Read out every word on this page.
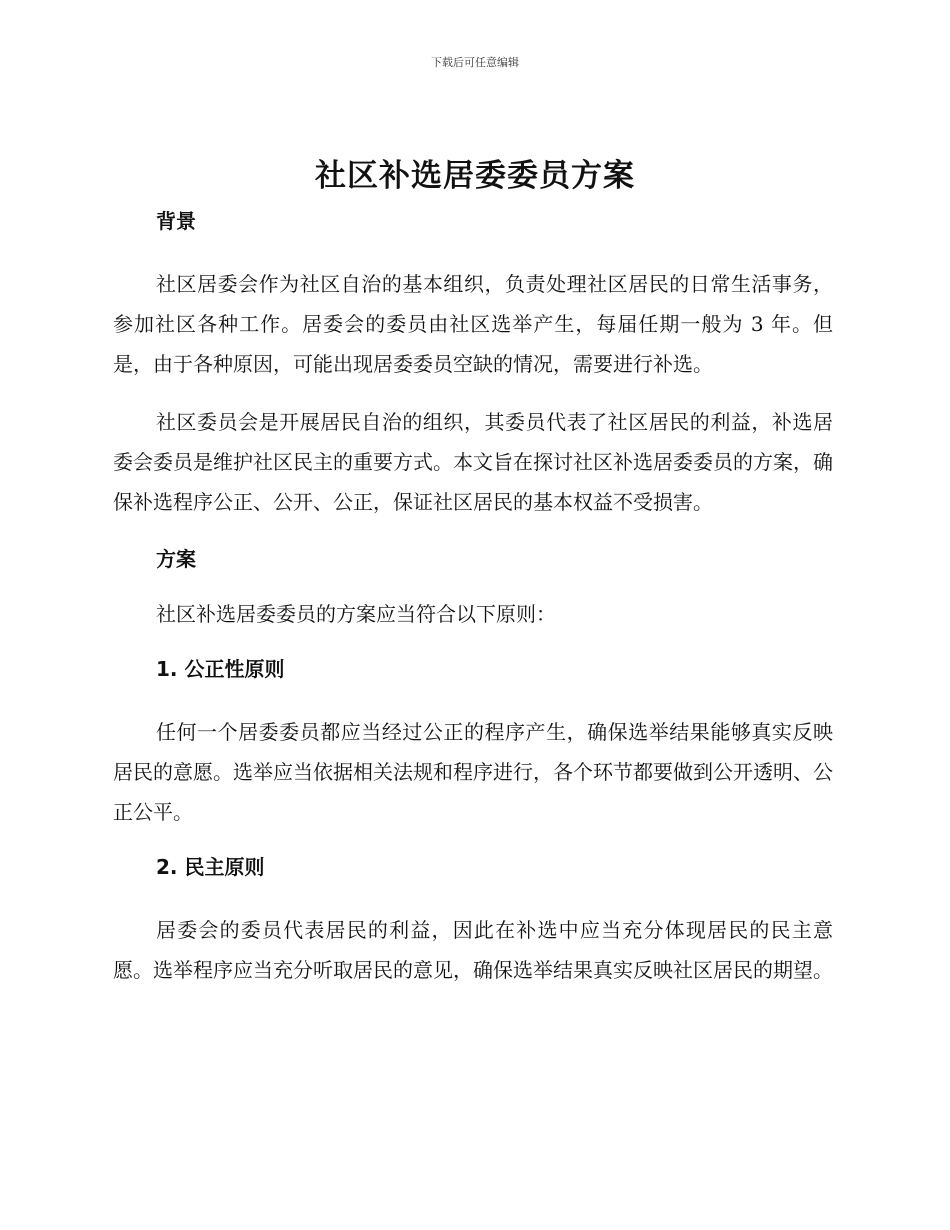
下载后可任意编辑
社区补选居委委员方案

背景

社区居委会作为社区自治的基本组织，负责处理社区居民的日常生活事务，参加社区各种工作。居委会的委员由社区选举产生，每届任期一般为 3 年。但是，由于各种原因，可能出现居委委员空缺的情况，需要进行补选。

社区委员会是开展居民自治的组织，其委员代表了社区居民的利益，补选居委会委员是维护社区民主的重要方式。本文旨在探讨社区补选居委委员的方案，确保补选程序公正、公开、公正，保证社区居民的基本权益不受损害。

方案

社区补选居委委员的方案应当符合以下原则：

1. 公正性原则

任何一个居委委员都应当经过公正的程序产生，确保选举结果能够真实反映居民的意愿。选举应当依据相关法规和程序进行，各个环节都要做到公开透明、公正公平。

2. 民主原则

居委会的委员代表居民的利益，因此在补选中应当充分体现居民的民主意愿。选举程序应当充分听取居民的意见，确保选举结果真实反映社区居民的期望。
